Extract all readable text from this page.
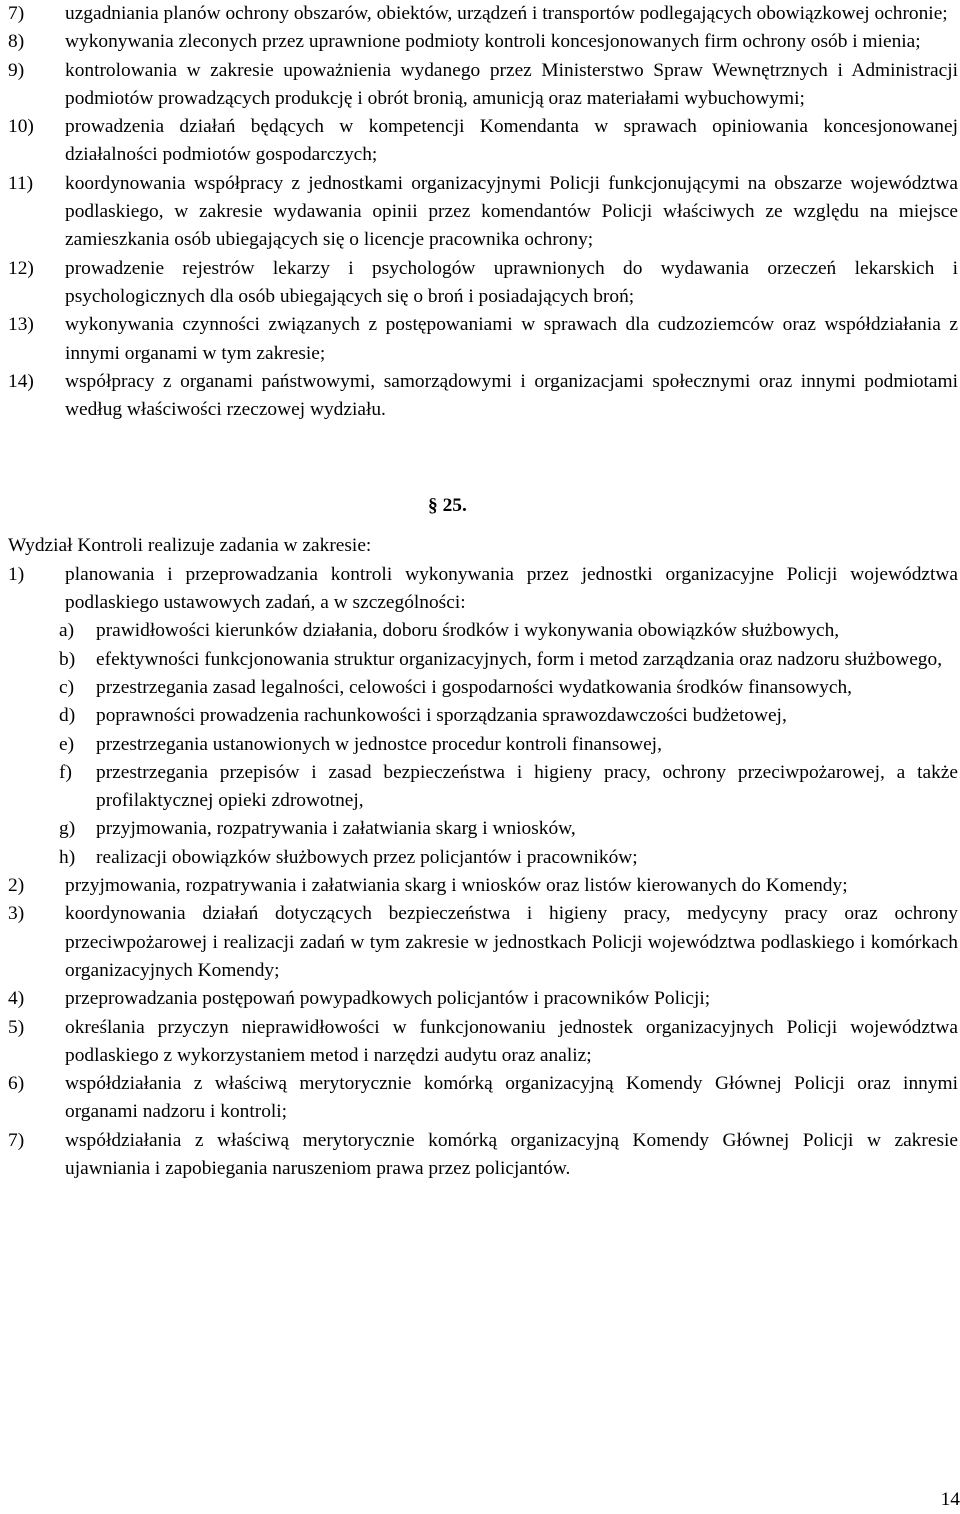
7)	uzgadniania planów ochrony obszarów, obiektów, urządzeń i transportów podlegających obowiązkowej ochronie;
8)	wykonywania zleconych przez uprawnione podmioty kontroli koncesjonowanych firm ochrony osób i mienia;
9)	kontrolowania w zakresie upoważnienia wydanego przez Ministerstwo Spraw Wewnętrznych i Administracji podmiotów prowadzących produkcję i obrót bronią, amunicją oraz materiałami wybuchowymi;
10)	prowadzenia działań będących w kompetencji Komendanta w sprawach opiniowania koncesjonowanej działalności podmiotów gospodarczych;
11)	koordynowania współpracy z jednostkami organizacyjnymi Policji funkcjonującymi na obszarze województwa podlaskiego, w zakresie wydawania opinii przez komendantów Policji właściwych ze względu na miejsce zamieszkania osób ubiegających się o licencje pracownika ochrony;
12)	prowadzenie rejestrów lekarzy i psychologów uprawnionych do wydawania orzeczeń lekarskich i psychologicznych dla osób ubiegających się o broń i posiadających broń;
13)	wykonywania czynności związanych z postępowaniami w sprawach dla cudzoziemców oraz współdziałania z innymi organami w tym zakresie;
14)	współpracy z organami państwowymi, samorządowymi i organizacjami społecznymi oraz innymi podmiotami według właściwości rzeczowej wydziału.
§ 25.
Wydział Kontroli realizuje zadania w zakresie:
1)	planowania i przeprowadzania kontroli wykonywania przez jednostki organizacyjne Policji województwa podlaskiego ustawowych zadań, a w szczególności:
a)	prawidłowości kierunków działania, doboru środków i wykonywania obowiązków służbowych,
b)	efektywności funkcjonowania struktur organizacyjnych, form i metod zarządzania oraz nadzoru służbowego,
c)	przestrzegania zasad legalności, celowości i gospodarności wydatkowania środków finansowych,
d)	poprawności prowadzenia rachunkowości i sporządzania sprawozdawczości budżetowej,
e)	przestrzegania ustanowionych w jednostce procedur kontroli finansowej,
f)	przestrzegania przepisów i zasad bezpieczeństwa i higieny pracy, ochrony przeciwpożarowej, a także profilaktycznej opieki zdrowotnej,
g)	przyjmowania, rozpatrywania i załatwiania skarg i wniosków,
h)	realizacji obowiązków służbowych przez policjantów i pracowników;
2)	przyjmowania, rozpatrywania i załatwiania skarg i wniosków oraz listów kierowanych do Komendy;
3)	koordynowania działań dotyczących bezpieczeństwa i higieny pracy, medycyny pracy oraz ochrony przeciwpożarowej i realizacji zadań w tym zakresie w jednostkach Policji województwa podlaskiego i komórkach organizacyjnych Komendy;
4)	przeprowadzania postępowań powypadkowych policjantów i pracowników Policji;
5)	określania przyczyn nieprawidłowości w funkcjonowaniu jednostek organizacyjnych Policji województwa podlaskiego z wykorzystaniem metod i narzędzi audytu oraz analiz;
6)	współdziałania z właściwą merytorycznie komórką organizacyjną Komendy Głównej Policji oraz innymi organami nadzoru i kontroli;
7)	współdziałania z właściwą merytorycznie komórką organizacyjną Komendy Głównej Policji w zakresie ujawniania i zapobiegania naruszeniom prawa przez policjantów.
14
